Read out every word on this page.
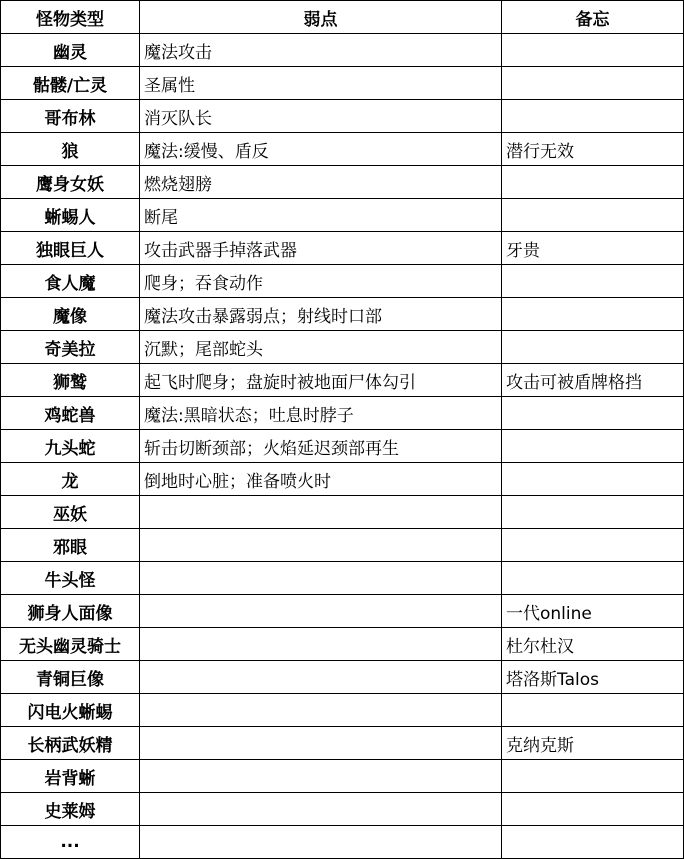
怪物类型	弱点	备忘
幽灵	魔法攻击	
骷髅/亡灵	圣属性	
哥布林	消灭队长	
狼	魔法:缓慢、盾反	潜行无效
鹰身女妖	燃烧翅膀	
蜥蜴人	断尾	
独眼巨人	攻击武器手掉落武器	牙贵
食人魔	爬身；吞食动作	
魔像	魔法攻击暴露弱点；射线时口部	
奇美拉	沉默；尾部蛇头	
狮鹫	起飞时爬身；盘旋时被地面尸体勾引	攻击可被盾牌格挡
鸡蛇兽	魔法:黑暗状态；吐息时脖子	
九头蛇	斩击切断颈部；火焰延迟颈部再生	
龙	倒地时心脏；准备喷火时	
巫妖		
邪眼		
牛头怪		
狮身人面像		一代online
无头幽灵骑士		杜尔杜汉
青铜巨像		塔洛斯Talos
闪电火蜥蜴		
长柄武妖精		克纳克斯
岩背蜥		
史莱姆		
...		
